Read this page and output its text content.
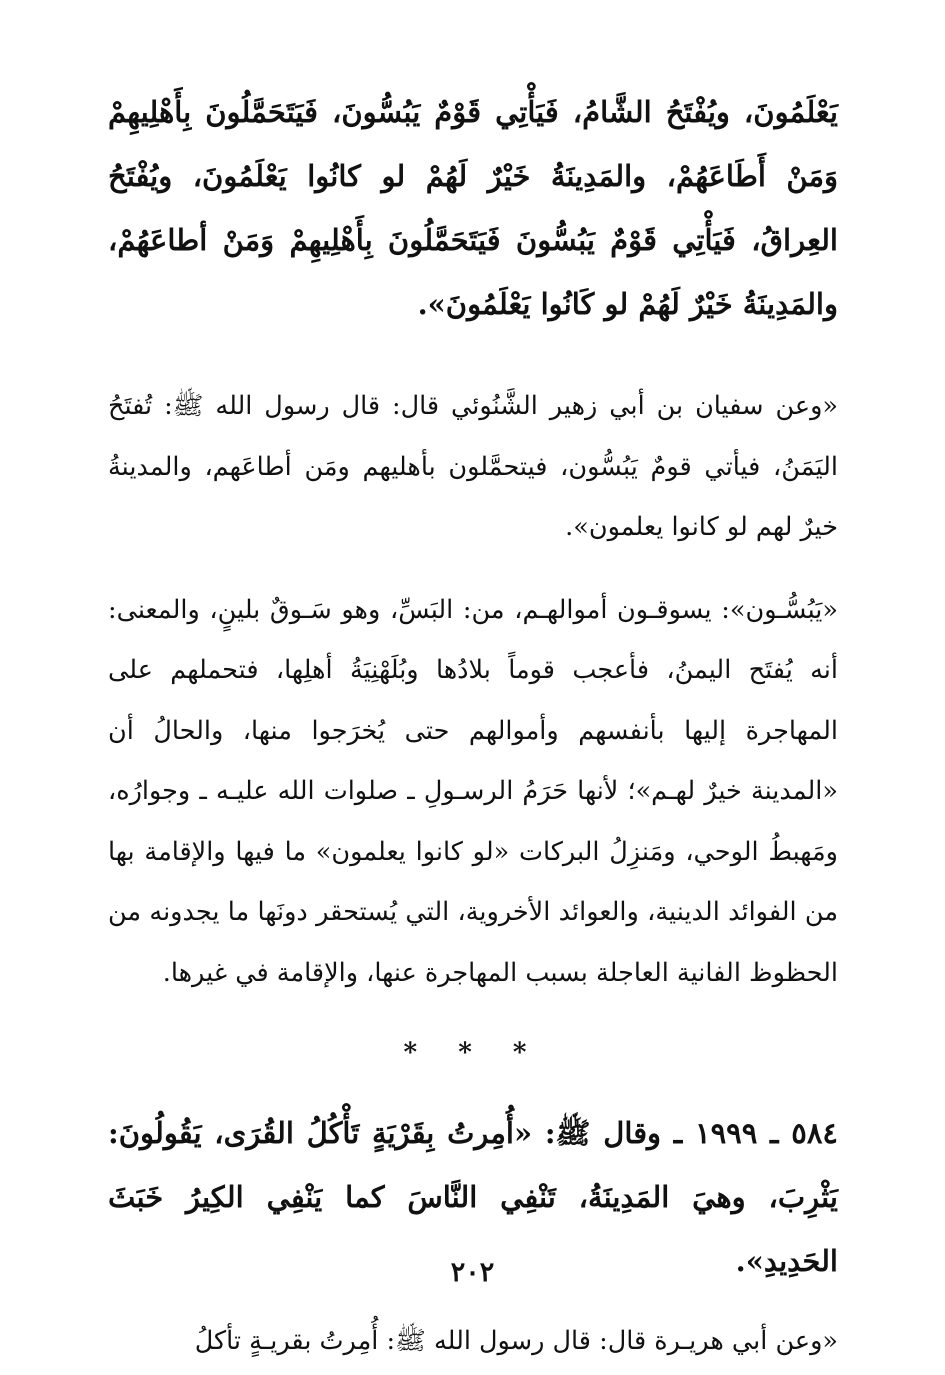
يَعْلَمُونَ، ويُفْتَحُ الشَّامُ، فَيَأْتِي قَوْمٌ يَبُسُّونَ، فَيَتَحَمَّلُونَ بِأَهْلِيهِمْ وَمَنْ أَطَاعَهُمْ، والمَدِينَةُ خَيْرٌ لَهُمْ لو كانُوا يَعْلَمُونَ، ويُفْتَحُ العِراقُ، فَيَأْتِي قَوْمٌ يَبُسُّونَ فَيَتَحَمَّلُونَ بِأَهْلِيهِمْ وَمَنْ أطاعَهُمْ، والمَدِينَةُ خَيْرٌ لَهُمْ لو كَانُوا يَعْلَمُونَ».

«وعن سفيان بن أبي زهير الشَّنُوئي قال: قال رسول الله ﷺ: تُفتَحُ اليَمَنُ، فيأتي قومٌ يَبُسُّون، فيتحمَّلون بأهليهم ومَن أطاعَهم، والمدينةُ خيرٌ لهم لو كانوا يعلمون».

«يَبُسُّـون»: يسوقـون أموالهـم، من: البَسِّ، وهو سَـوقٌ بلينٍ، والمعنى: أنه يُفتَح اليمنُ، فأعجب قوماً بلادُها وبُلَهْنِيَةُ أهلِها، فتحملهم على المهاجرة إليها بأنفسهم وأموالهم حتى يُخرَجوا منها، والحالُ أن «المدينة خيرٌ لهـم»؛ لأنها حَرَمُ الرسـولِ ـ صلوات الله عليـه ـ وجوارُه، ومَهبطُ الوحي، ومَنزِلُ البركات «لو كانوا يعلمون» ما فيها والإقامة بها من الفوائد الدينية، والعوائد الأخروية، التي يُستحقر دونَها ما يجدونه من الحظوظ الفانية العاجلة بسبب المهاجرة عنها، والإقامة في غيرها.

* * *

٥٨٤ ـ ١٩٩٩ ـ وقال ﷺ: «أُمِرتُ بِقَرْيَةٍ تَأْكُلُ القُرَى، يَقُولُونَ: يَثْرِبَ، وهيَ المَدِينَةُ، تَنْفِي النَّاسَ كما يَنْفِي الكِيرُ خَبَثَ الحَدِيدِ».

«وعن أبي هريـرة قال: قال رسول الله ﷺ: أُمِرتُ بقريـةٍ تأكلُ

٢٠٢
